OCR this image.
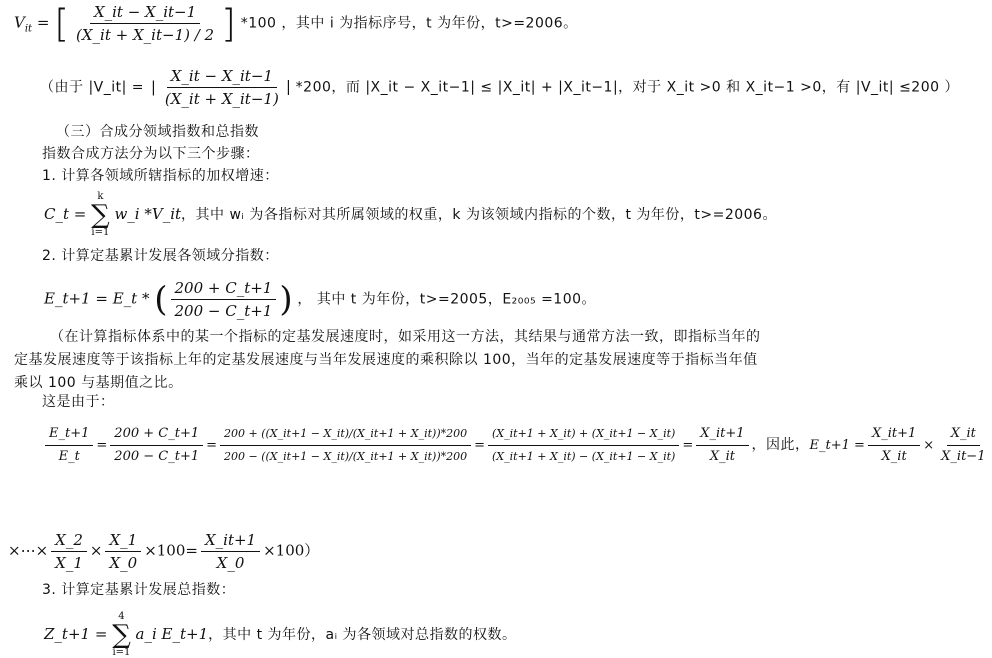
$V_{it}$ = [ $\frac{X\_it - X\_it-1}{(X\_it + X\_it-1) / 2}$ ] *100 ，其中 i 为指标序号，t 为年份，t>=2006。
（由于 |V_it| = | $\frac{X\_it - X\_it-1}{(X\_it + X\_it-1)}$ | *200，而 |X_it − X_it−1| ≤ |X_it| + |X_it−1|，对于 X_it >0 和 X_it−1 >0，有 |V_it| ≤200 ）
（三）合成分领域指数和总指数
指数合成方法分为以下三个步骤：
1. 计算各领域所辖指标的加权增速：
C_t =
k
∑
i=1
w_i *V_it，其中 wᵢ 为各指标对其所属领域的权重，k 为该领域内指标的个数，t 为年份，t>=2006。
2. 计算定基累计发展各领域分指数：
E_t+1 = E_t * ( $\frac{200 + C\_t+1}{200 - C\_t+1}$ ) ， 其中 t 为年份，t>=2005，E₂₀₀₅ =100。
（在计算指标体系中的某一个指标的定基发展速度时，如采用这一方法，其结果与通常方法一致，即指标当年的定基发展速度等于该指标上年的定基发展速度与当年发展速度的乘积除以 100，当年的定基发展速度等于指标当年值乘以 100 与基期值之比。
这是由于：
$\frac{E\_t+1}{E\_t} = \frac{200 + C\_t+1}{200 - C\_t+1} = \frac{200 + ((X\_it+1 - X\_it)/(X\_it+1 + X\_it))*200}{200 - ((X\_it+1 - X\_it)/(X\_it+1 + X\_it))*200} = \frac{(X\_it+1 + X\_it) + (X\_it+1 - X\_it)}{(X\_it+1 + X\_it) - (X\_it+1 - X\_it)} = \frac{X\_it+1}{X\_it}$ ，因此，E_t+1 = $\frac{X\_it+1}{X\_it} \times \frac{X\_it}{X\_it-1}$
×⋯× $\frac{X\_2}{X\_1} \times \frac{X\_1}{X\_0} \times 100= \frac{X\_it+1}{X\_0} \times 100$）
3. 计算定基累计发展总指数：
Z_t+1 =
4
∑
i=1
a_i E_t+1，其中 t 为年份，aᵢ 为各领域对总指数的权数。
